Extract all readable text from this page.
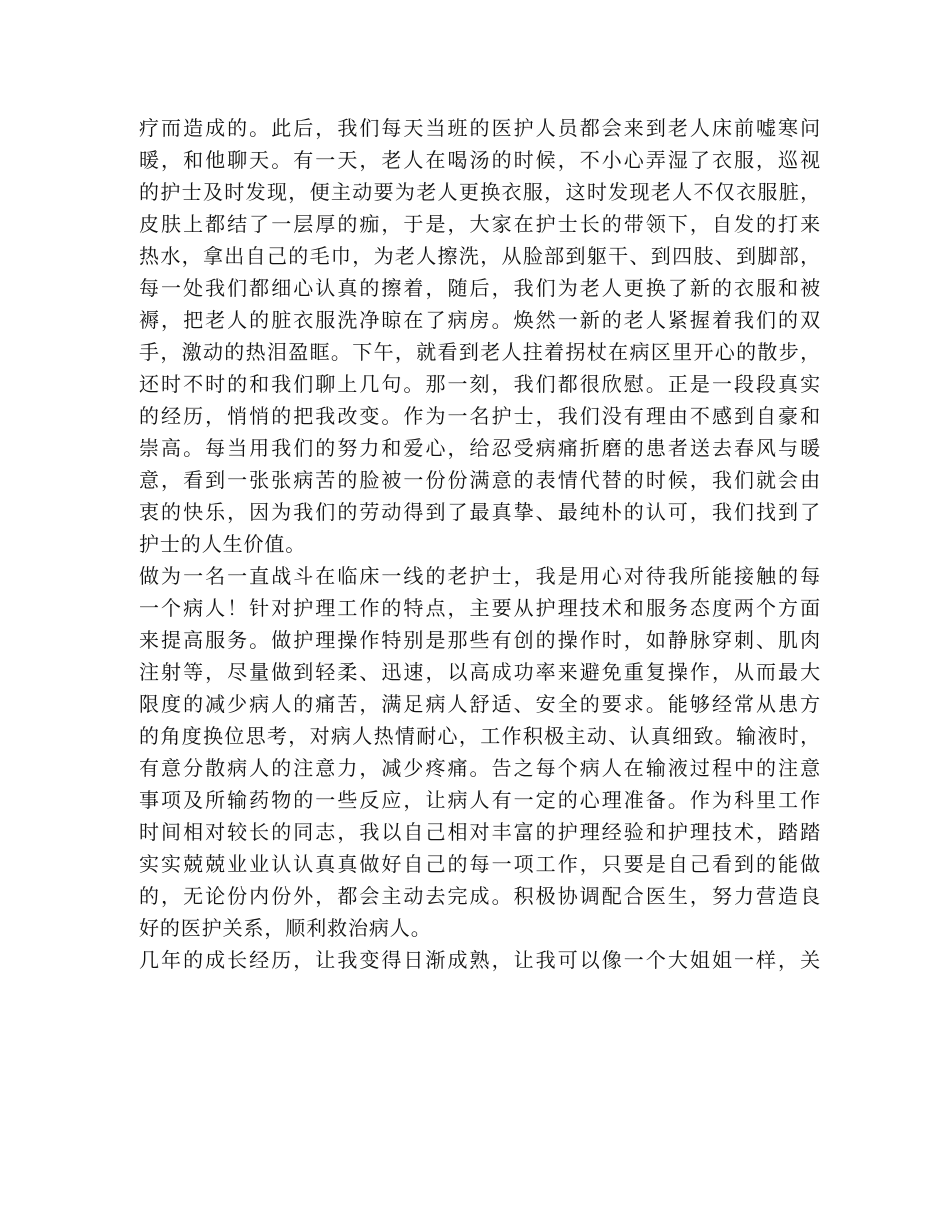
疗而造成的。此后，我们每天当班的医护人员都会来到老人床前嘘寒问
暖，和他聊天。有一天，老人在喝汤的时候，不小心弄湿了衣服，巡视
的护士及时发现，便主动要为老人更换衣服，这时发现老人不仅衣服脏，
皮肤上都结了一层厚的痂，于是，大家在护士长的带领下，自发的打来
热水，拿出自己的毛巾，为老人擦洗，从脸部到躯干、到四肢、到脚部，
每一处我们都细心认真的擦着，随后，我们为老人更换了新的衣服和被
褥，把老人的脏衣服洗净晾在了病房。焕然一新的老人紧握着我们的双
手，激动的热泪盈眶。下午，就看到老人拄着拐杖在病区里开心的散步，
还时不时的和我们聊上几句。那一刻，我们都很欣慰。正是一段段真实
的经历，悄悄的把我改变。作为一名护士，我们没有理由不感到自豪和
崇高。每当用我们的努力和爱心，给忍受病痛折磨的患者送去春风与暖
意，看到一张张病苦的脸被一份份满意的表情代替的时候，我们就会由
衷的快乐，因为我们的劳动得到了最真挚、最纯朴的认可，我们找到了
护士的人生价值。
做为一名一直战斗在临床一线的老护士，我是用心对待我所能接触的每
一个病人！针对护理工作的特点，主要从护理技术和服务态度两个方面
来提高服务。做护理操作特别是那些有创的操作时，如静脉穿刺、肌肉
注射等，尽量做到轻柔、迅速，以高成功率来避免重复操作，从而最大
限度的减少病人的痛苦，满足病人舒适、安全的要求。能够经常从患方
的角度换位思考，对病人热情耐心，工作积极主动、认真细致。输液时，
有意分散病人的注意力，减少疼痛。告之每个病人在输液过程中的注意
事项及所输药物的一些反应，让病人有一定的心理准备。作为科里工作
时间相对较长的同志，我以自己相对丰富的护理经验和护理技术，踏踏
实实兢兢业业认认真真做好自己的每一项工作，只要是自己看到的能做
的，无论份内份外，都会主动去完成。积极协调配合医生，努力营造良
好的医护关系，顺利救治病人。
几年的成长经历，让我变得日渐成熟，让我可以像一个大姐姐一样，关
